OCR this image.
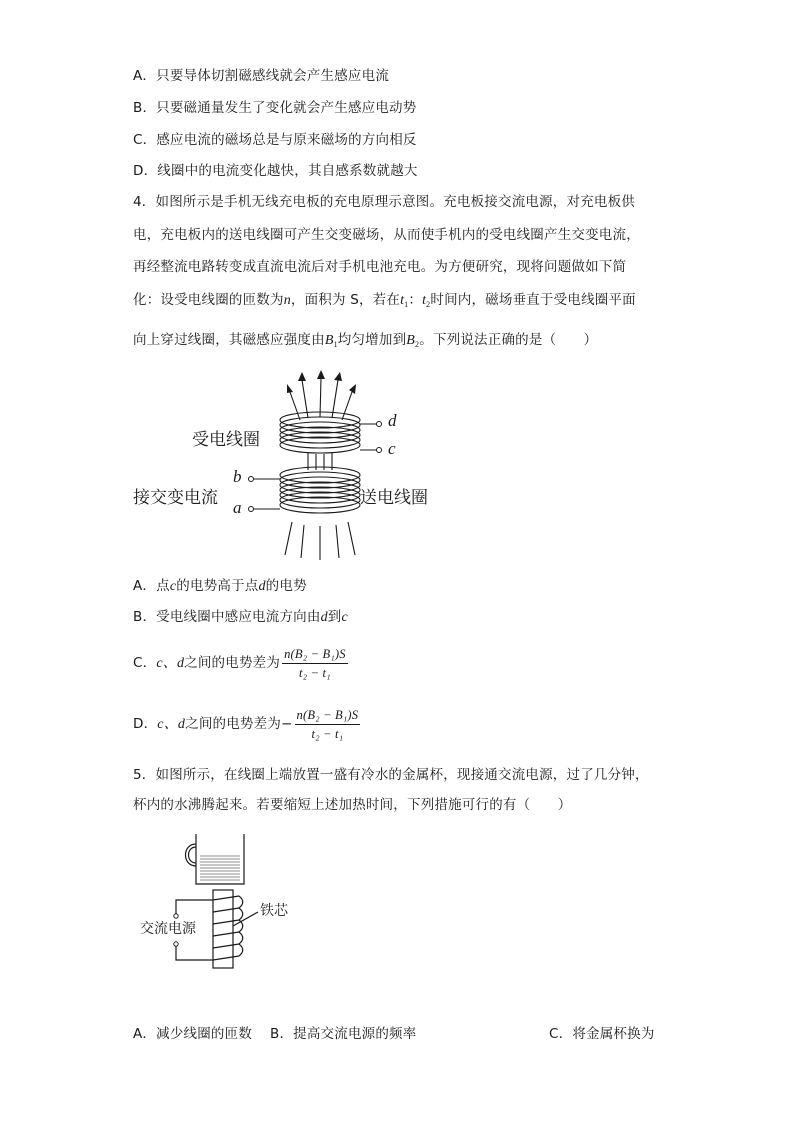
A．只要导体切割磁感线就会产生感应电流
B．只要磁通量发生了变化就会产生感应电动势
C．感应电流的磁场总是与原来磁场的方向相反
D．线圈中的电流变化越快，其自感系数就越大
4．如图所示是手机无线充电板的充电原理示意图。充电板接交流电源，对充电板供
电，充电板内的送电线圈可产生交变磁场，从而使手机内的受电线圈产生交变电流，
再经整流电路转变成直流电流后对手机电池充电。为方便研究，现将问题做如下简
化：设受电线圈的匝数为n，面积为 S，若在$t_1$：$t_2$时间内，磁场垂直于受电线圈平面
向上穿过线圈，其磁感应强度由$B_1$均匀增加到$B_2$。下列说法正确的是（　　）
受电线圈
送电线圈
接交变电流
d
c
b
a
A．点c的电势高于点d的电势
B．受电线圈中感应电流方向由d到c
C．c、d之间的电势差为 $\frac{\text{n(B₂ − B₁)S}}{\text{t₂ − t₁}}$
D．c、d之间的电势差为− $\frac{\text{n(B₂ − B₁)S}}{\text{t₂ − t₁}}$
5．如图所示，在线圈上端放置一盛有冷水的金属杯，现接通交流电源，过了几分钟，
杯内的水沸腾起来。若要缩短上述加热时间，下列措施可行的有（　　）
交流电源
铁芯
A．减少线圈的匝数 B．提高交流电源的频率	C．将金属杯换为
